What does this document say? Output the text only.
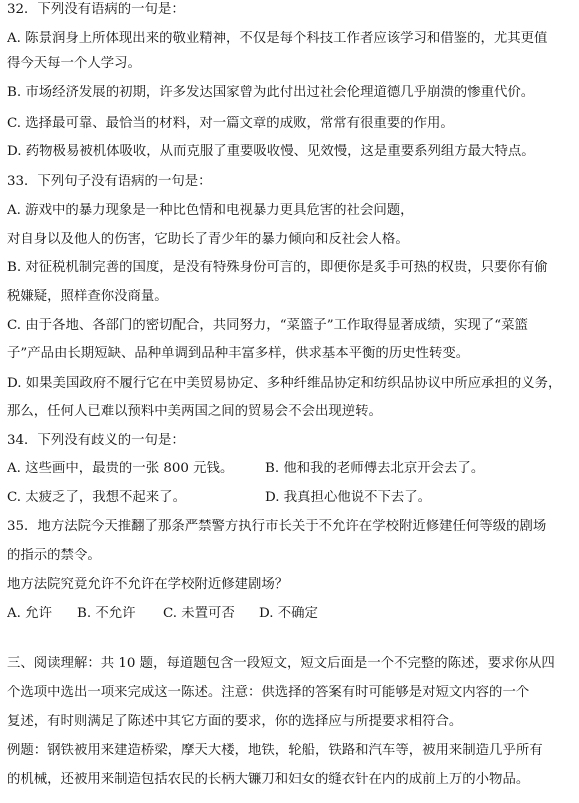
32．下列没有语病的一句是：
A. 陈景润身上所体现出来的敬业精神，不仅是每个科技工作者应该学习和借鉴的，尤其更值
得今天每一个人学习。
B. 市场经济发展的初期，许多发达国家曾为此付出过社会伦理道德几乎崩溃的惨重代价。
C. 选择最可靠、最恰当的材料，对一篇文章的成败，常常有很重要的作用。
D. 药物极易被机体吸收，从而克服了重要吸收慢、见效慢，这是重要系列组方最大特点。
33．下列句子没有语病的一句是：
A. 游戏中的暴力现象是一种比色情和电视暴力更具危害的社会问题，
对自身以及他人的伤害，它助长了青少年的暴力倾向和反社会人格。
B. 对征税机制完善的国度，是没有特殊身份可言的，即便你是炙手可热的权贵，只要你有偷
税嫌疑，照样查你没商量。
C. 由于各地、各部门的密切配合，共同努力，“菜篮子”工作取得显著成绩，实现了“菜篮
子”产品由长期短缺、品种单调到品种丰富多样，供求基本平衡的历史性转变。
D. 如果美国政府不履行它在中美贸易协定、多种纤维品协定和纺织品协议中所应承担的义务，
那么，任何人已难以预料中美两国之间的贸易会不会出现逆转。
34．下列没有歧义的一句是：
A. 这些画中，最贵的一张 800 元钱。	B. 他和我的老师傅去北京开会去了。
C. 太疲乏了，我想不起来了。	D. 我真担心他说不下去了。
35．地方法院今天推翻了那条严禁警方执行市长关于不允许在学校附近修建任何等级的剧场
的指示的禁令。
地方法院究竟允许不允许在学校附近修建剧场？
A. 允许	B. 不允许	C. 未置可否	D. 不确定
三、阅读理解：共 10 题，每道题包含一段短文，短文后面是一个不完整的陈述，要求你从四
个选项中选出一项来完成这一陈述。注意：供选择的答案有时可能够是对短文内容的一个
复述，有时则满足了陈述中其它方面的要求，你的选择应与所提要求相符合。
例题：钢铁被用来建造桥梁，摩天大楼，地铁，轮船，铁路和汽车等，被用来制造几乎所有
的机械，还被用来制造包括农民的长柄大镰刀和妇女的缝衣针在内的成前上万的小物品。
